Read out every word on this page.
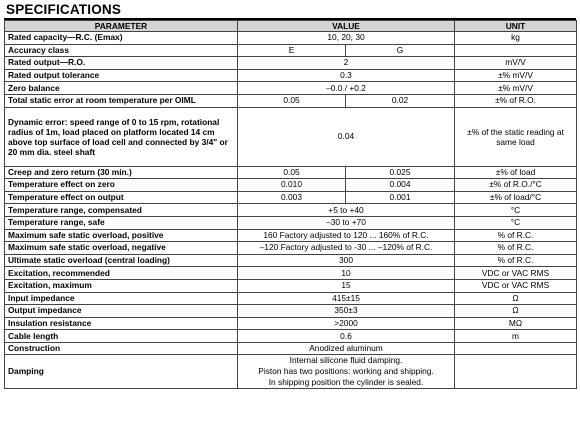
SPECIFICATIONS
PARAMETER	VALUE		UNIT
Rated capacity—R.C. (Emax)	10, 20, 30		kg
Accuracy class	E	G	
Rated output—R.O.	2		mV/V
Rated output tolerance	0.3		±% mV/V
Zero balance	–0.0 / +0.2		±% mV/V
Total static error at room temperature per OIML	0.05	0.02	±% of R.O.
Dynamic error: speed range of 0 to 15 rpm, rotational radius of 1m, load placed on platform located 14 cm above top surface of load cell and connected by 3/4" or 20 mm dia. steel shaft	0.04		±% of the static reading at same load
Creep and zero return (30 min.)	0.05	0.025	±% of load
Temperature effect on zero	0.010	0.004	±% of R.O./°C
Temperature effect on output	0.003	0.001	±% of load/°C
Temperature range, compensated	+5 to +40		°C
Temperature range, safe	–30 to +70		°C
Maximum safe static overload, positive	160 Factory adjusted to 120 ... 160% of R.C.		% of R.C.
Maximum safe static overload, negative	–120 Factory adjusted to -30 ... –120% of R.C.		% of R.C.
Ultimate static overload (central loading)	300		% of R.C.
Excitation, recommended	10		VDC or VAC RMS
Excitation, maximum	15		VDC or VAC RMS
Input impedance	415±15		Ω
Output impedance	350±3		Ω
Insulation resistance	>2000		MΩ
Cable length	0.6		m
Construction	Anodized aluminum		
Damping	Internal silicone fluid damping.
Piston has two positions: working and shipping.
In shipping position the cylinder is sealed.		
